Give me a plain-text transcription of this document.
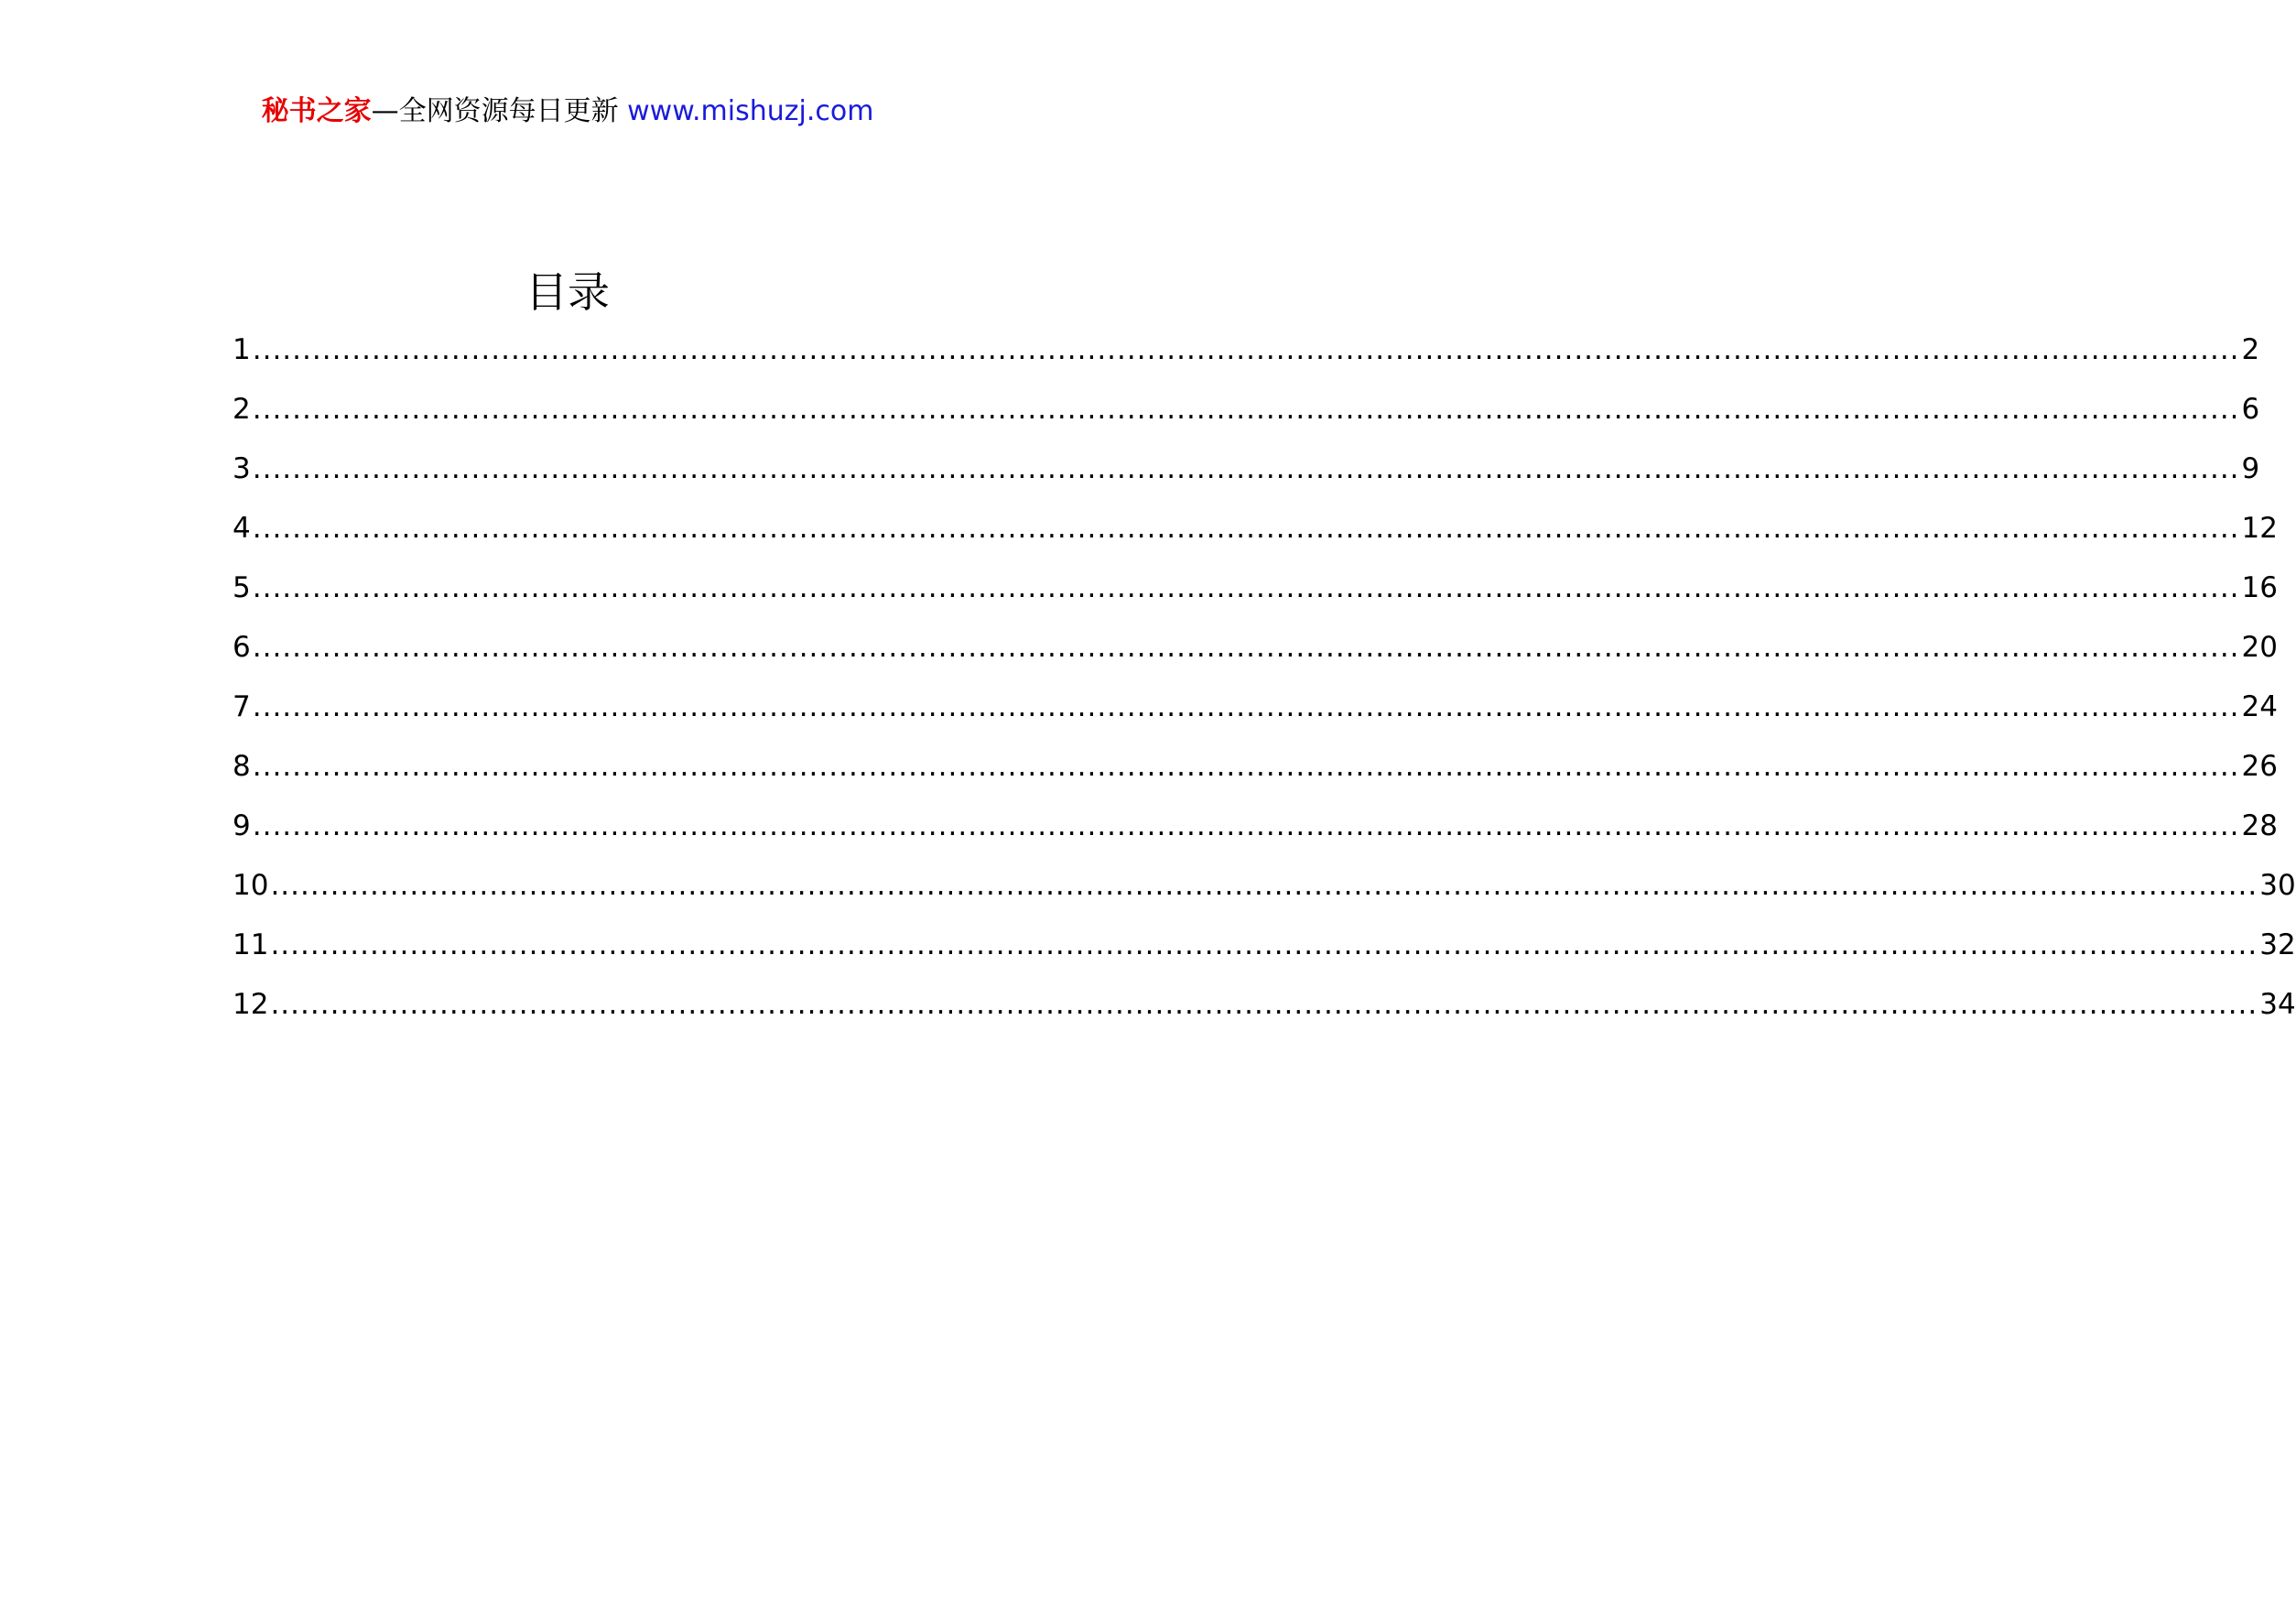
秘书之家—全网资源每日更新 www.mishuzj.com
目录
1 ........................................................................................................................................................................................................ 2
2 ........................................................................................................................................................................................................ 6
3 ........................................................................................................................................................................................................ 9
4 ........................................................................................................................................................................................................ 12
5 ........................................................................................................................................................................................................ 16
6 ........................................................................................................................................................................................................ 20
7 ........................................................................................................................................................................................................ 24
8 ........................................................................................................................................................................................................ 26
9 ........................................................................................................................................................................................................ 28
10 ........................................................................................................................................................................................................ 30
11 ........................................................................................................................................................................................................ 32
12 ........................................................................................................................................................................................................ 34
